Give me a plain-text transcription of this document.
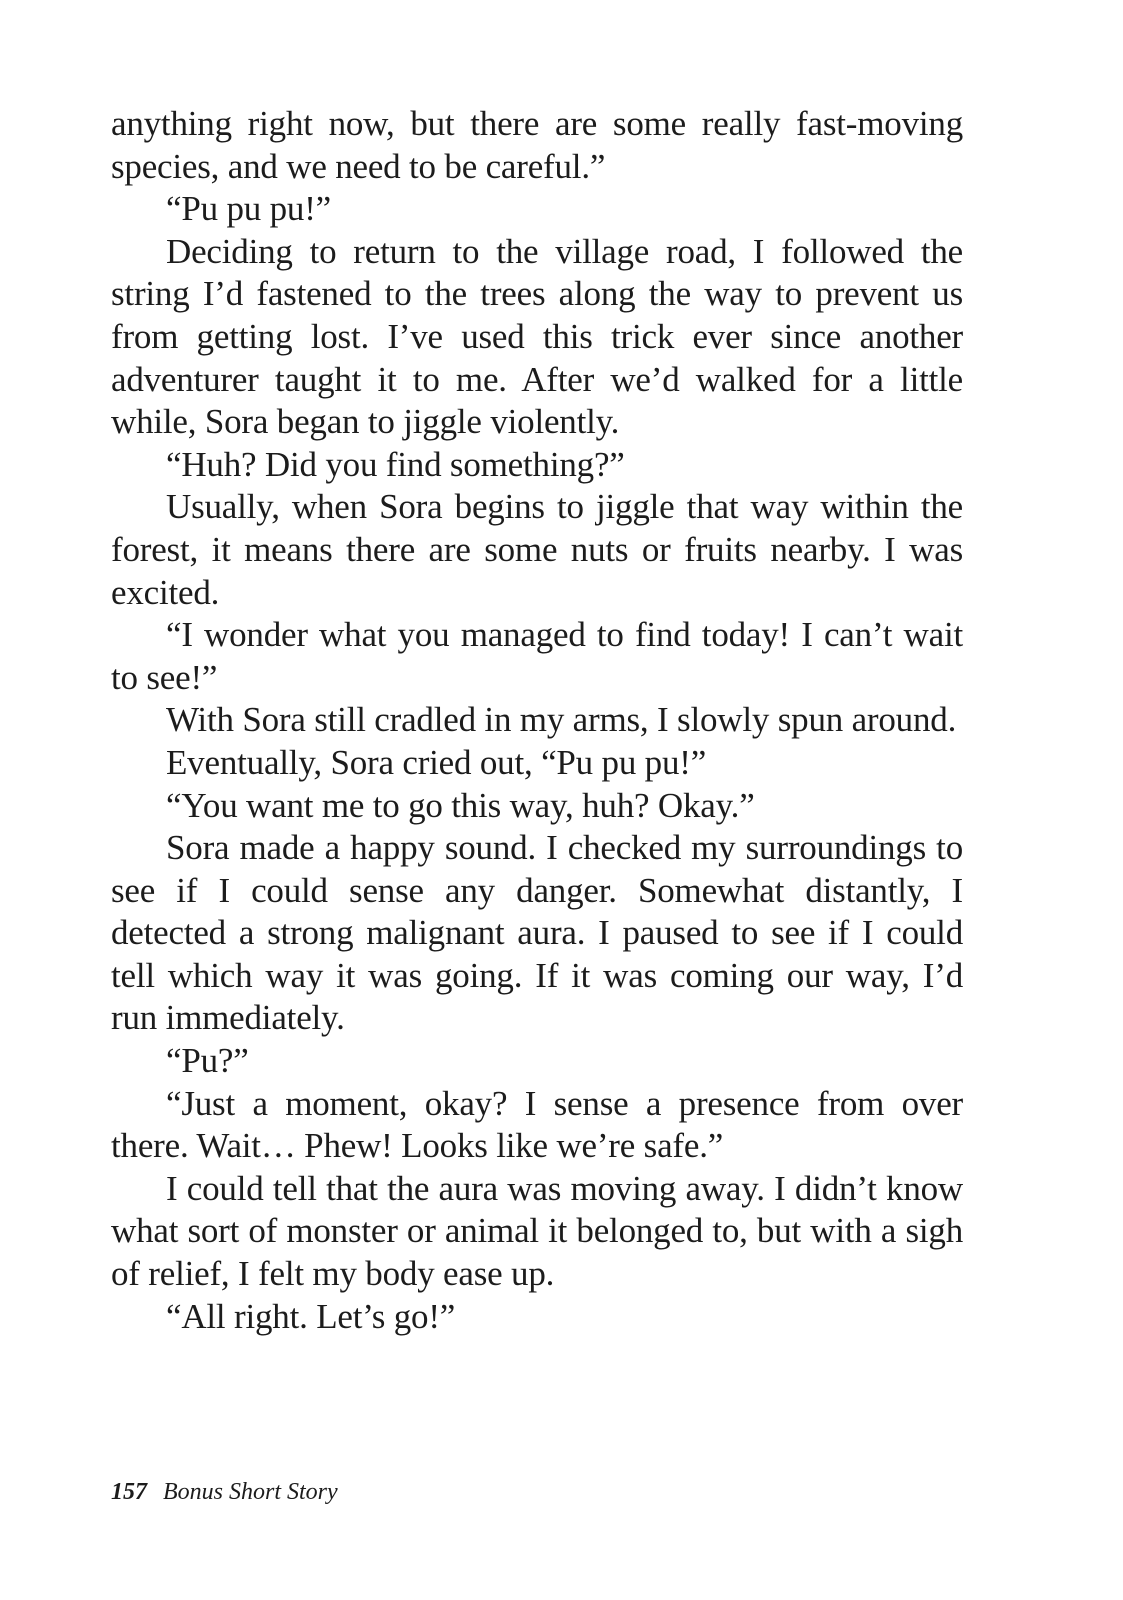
anything right now, but there are some really fast-moving species, and we need to be careful.”

“Pu pu pu!”

Deciding to return to the village road, I followed the string I’d fastened to the trees along the way to prevent us from getting lost. I’ve used this trick ever since another adventurer taught it to me. After we’d walked for a little while, Sora began to jiggle violently.

“Huh? Did you find something?”

Usually, when Sora begins to jiggle that way within the forest, it means there are some nuts or fruits nearby. I was excited.

“I wonder what you managed to find today! I can’t wait to see!”

With Sora still cradled in my arms, I slowly spun around.

Eventually, Sora cried out, “Pu pu pu!”

“You want me to go this way, huh? Okay.”

Sora made a happy sound. I checked my surroundings to see if I could sense any danger. Somewhat distantly, I detected a strong malignant aura. I paused to see if I could tell which way it was going. If it was coming our way, I’d run immediately.

“Pu?”

“Just a moment, okay? I sense a presence from over there. Wait… Phew! Looks like we’re safe.”

I could tell that the aura was moving away. I didn’t know what sort of monster or animal it belonged to, but with a sigh of relief, I felt my body ease up.

“All right. Let’s go!”

157 Bonus Short Story
